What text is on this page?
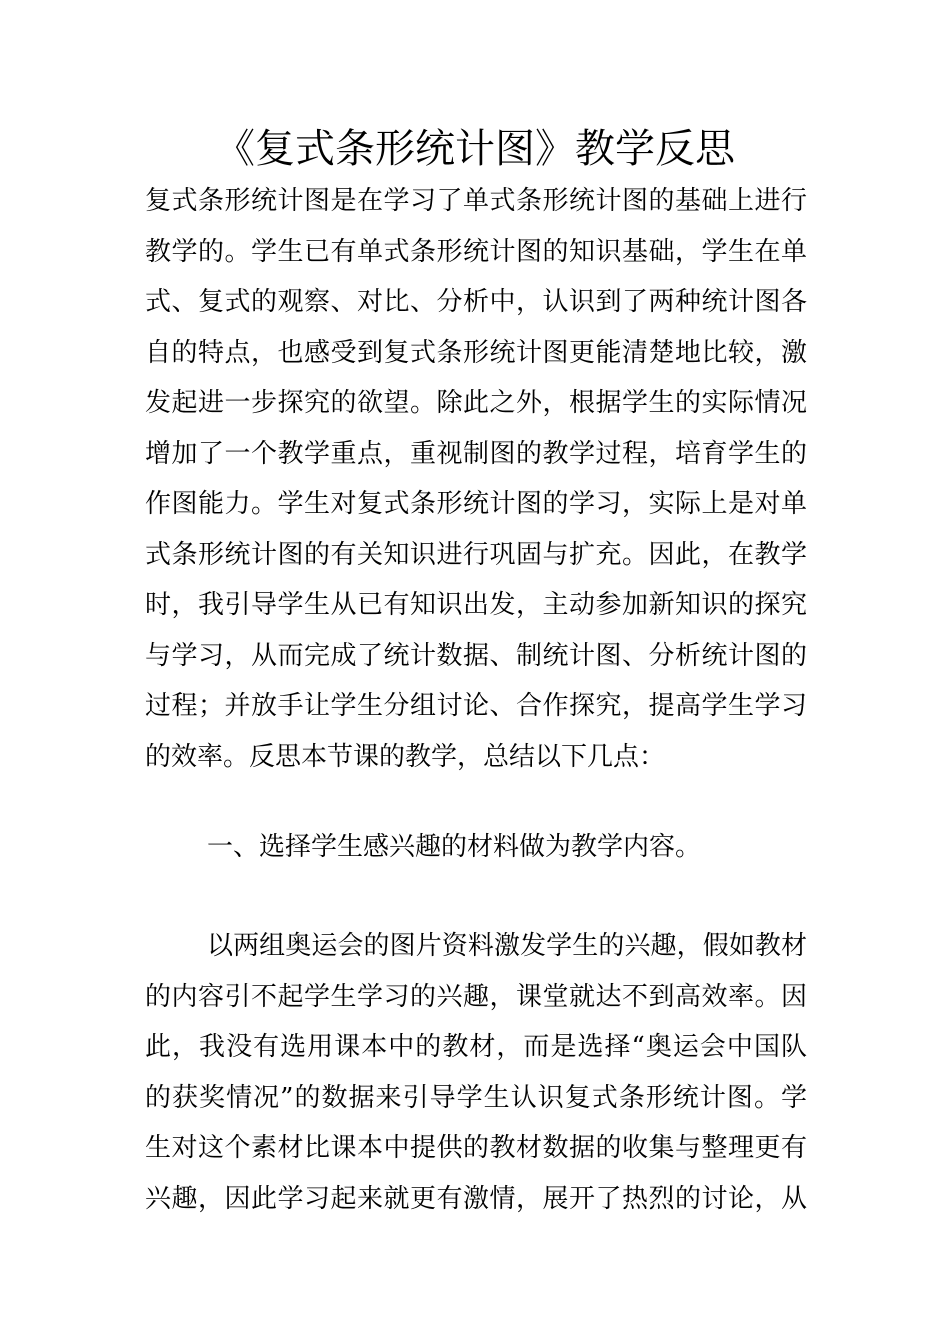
《复式条形统计图》教学反思
复式条形统计图是在学习了单式条形统计图的基础上进行
教学的。学生已有单式条形统计图的知识基础，学生在单
式、复式的观察、对比、分析中，认识到了两种统计图各
自的特点，也感受到复式条形统计图更能清楚地比较，激
发起进一步探究的欲望。除此之外，根据学生的实际情况
增加了一个教学重点，重视制图的教学过程，培育学生的
作图能力。学生对复式条形统计图的学习，实际上是对单
式条形统计图的有关知识进行巩固与扩充。因此，在教学
时，我引导学生从已有知识出发，主动参加新知识的探究
与学习，从而完成了统计数据、制统计图、分析统计图的
过程；并放手让学生分组讨论、合作探究，提高学生学习
的效率。反思本节课的教学，总结以下几点：
一、选择学生感兴趣的材料做为教学内容。
以两组奥运会的图片资料激发学生的兴趣，假如教材
的内容引不起学生学习的兴趣，课堂就达不到高效率。因
此，我没有选用课本中的教材，而是选择“奥运会中国队
的获奖情况”的数据来引导学生认识复式条形统计图。学
生对这个素材比课本中提供的教材数据的收集与整理更有
兴趣，因此学习起来就更有激情，展开了热烈的讨论，从
